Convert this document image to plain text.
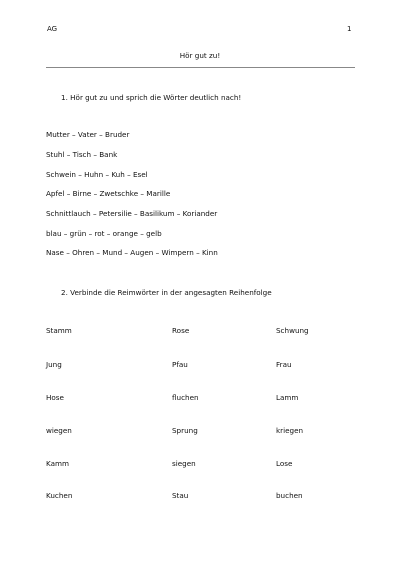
AG	1
Hör gut zu!
1. Hör gut zu und sprich die Wörter deutlich nach!
Mutter – Vater – Bruder
Stuhl – Tisch – Bank
Schwein – Huhn – Kuh – Esel
Apfel – Birne – Zwetschke – Marille
Schnittlauch – Petersilie – Basilikum – Koriander
blau – grün – rot – orange – gelb
Nase – Ohren – Mund – Augen – Wimpern – Kinn
2. Verbinde die Reimwörter in der angesagten Reihenfolge
Stamm	Rose	Schwung
Jung	Pfau	Frau
Hose	fluchen	Lamm
wiegen	Sprung	kriegen
Kamm	siegen	Lose
Kuchen	Stau	buchen
